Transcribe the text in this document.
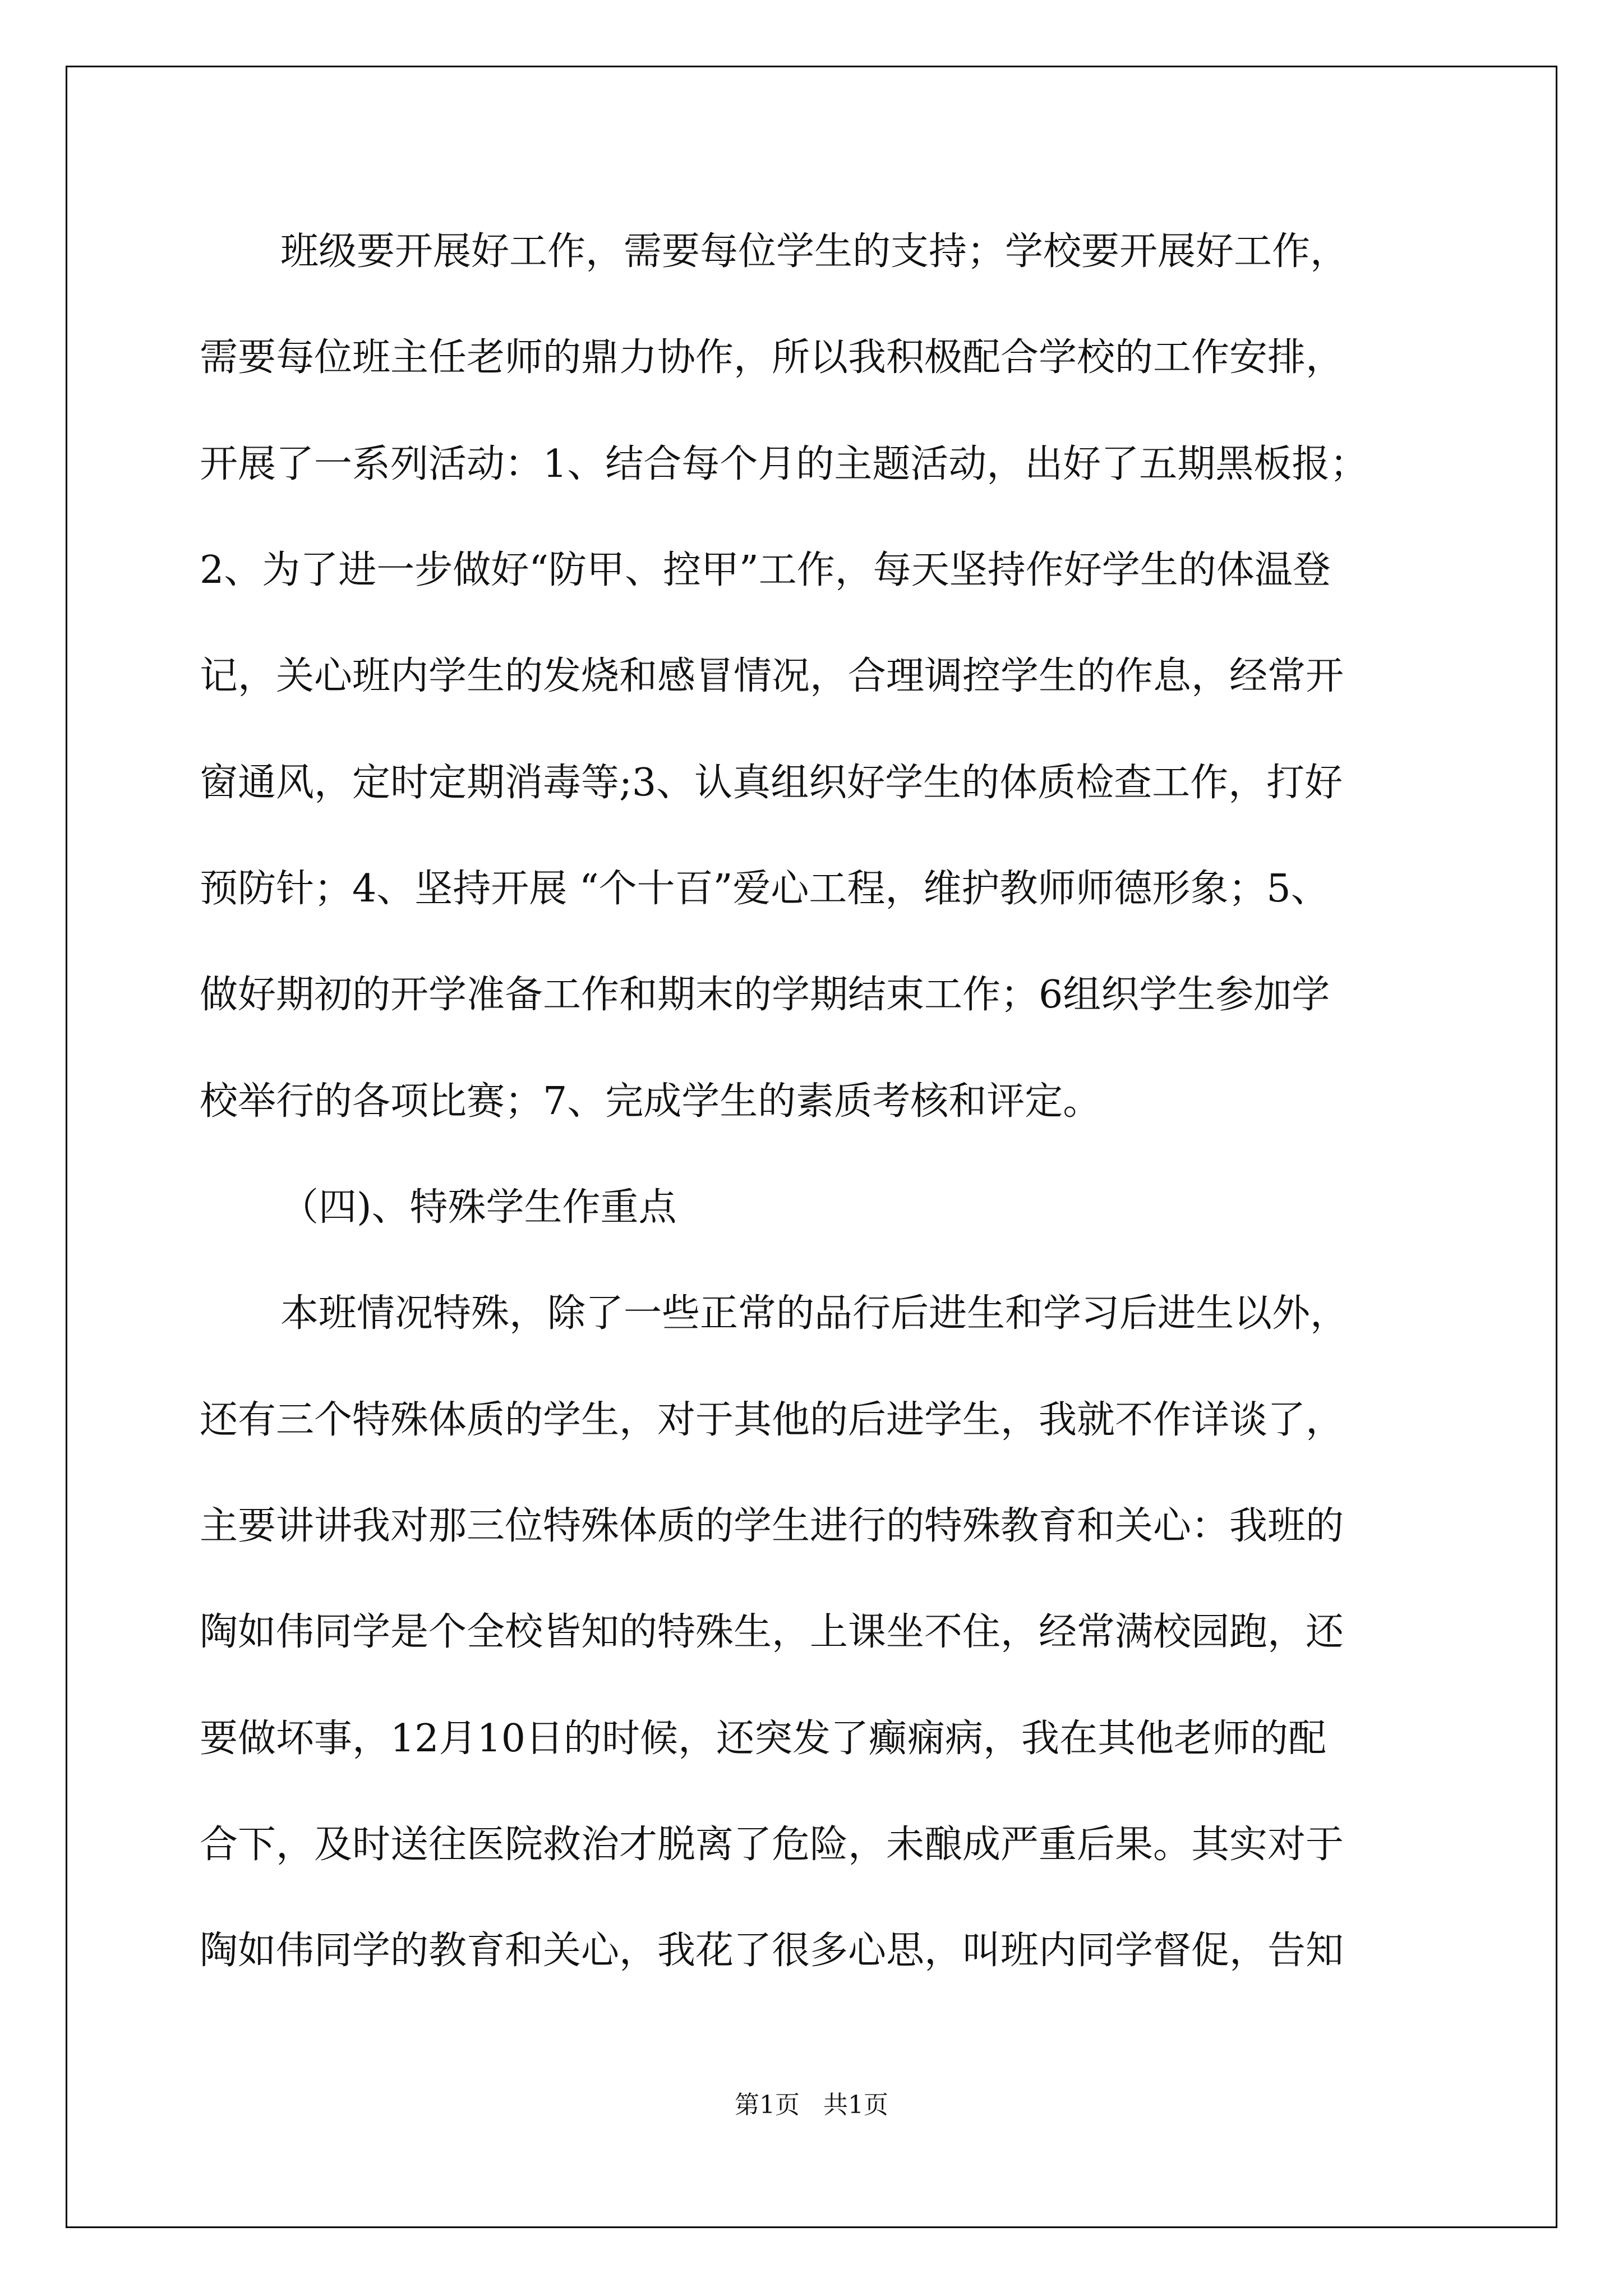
班级要开展好工作，需要每位学生的支持；学校要开展好工作，
需要每位班主任老师的鼎力协作，所以我积极配合学校的工作安排，
开展了一系列活动：1、结合每个月的主题活动，出好了五期黑板报；
2、为了进一步做好“防甲、控甲”工作，每天坚持作好学生的体温登
记，关心班内学生的发烧和感冒情况，合理调控学生的作息，经常开
窗通风，定时定期消毒等;3、认真组织好学生的体质检查工作，打好
预防针；4、坚持开展 “个十百”爱心工程，维护教师师德形象；5、
做好期初的开学准备工作和期末的学期结束工作；6组织学生参加学
校举行的各项比赛；7、完成学生的素质考核和评定。
（四)、特殊学生作重点
本班情况特殊，除了一些正常的品行后进生和学习后进生以外，
还有三个特殊体质的学生，对于其他的后进学生，我就不作详谈了，
主要讲讲我对那三位特殊体质的学生进行的特殊教育和关心：我班的
陶如伟同学是个全校皆知的特殊生，上课坐不住，经常满校园跑，还
要做坏事，12月10日的时候，还突发了癫痫病，我在其他老师的配
合下，及时送往医院救治才脱离了危险，未酿成严重后果。其实对于
陶如伟同学的教育和关心，我花了很多心思，叫班内同学督促，告知
第1页   共1页
